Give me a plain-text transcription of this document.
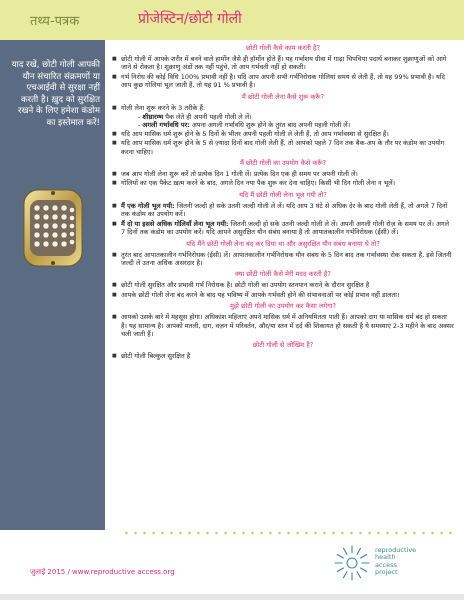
तथ्य-पत्रक	प्रोजेस्टिन/छोटी गोली
याद रखें, छोटी गोली आपकी यौन संचारित संक्रमणों या एचआईवी से सुरक्षा नहीं करती है। ख़ुद को सुरक्षित रखने के लिए हमेशा कंडोम का इस्तेमाल करें!
छोटी गोली कैसे काम करती है?
■ छोटी गोली में आपके शरीर में बनने वाले हार्मोन जैसे ही हॉर्मोन होते हैं। यह गर्भाशय ग्रीवा में गाढ़ा चिपचिपा पदार्थ बनाकर शुक्राणुओं को आगे जाने से रोकता है। शुक्राणु अंडों तक नहीं पहुंचे, तो आप गर्भवती नहीं हो सकती।
■ गर्भ निरोध की कोई विधि 100% प्रभावी नहीं है। यदि आप अपनी सभी गर्भनिरोधक गोलियां समय से लेती हैं, तो यह 99% प्रभावी है। यदि आप कुछ गोलियां भूल जाती हैं, तो यह 91 % प्रभावी है।
मैं छोटी गोली लेना कैसे शुरू करूँ?
■ गोली लेना शुरू करने के 3 तरीके हैं:
- शीघ्रारम्भ पैक लेते ही अपनी पहली गोली ले लें।
- अगली गर्भावधि पर: अपना अगली गर्भावधि शुरू होने के तुरंत बाद अपनी पहली गोली लें।
■ यदि आप मासिक धर्म शुरू होने के 5 दिनों के भीतर अपनी पहली गोली ले लेती हैं, तो आप गर्भावस्था से सुरक्षित हैं।
■ यदि आप मासिक धर्म शुरू होने के 5 से ज़्यादा दिनों बाद गोली लेती हैं, तो आपको पहले 7 दिन तक बैक-अप के तौर पर कंडोम का उपयोग करना चाहिए।
मैं छोटी गोली का उपयोग कैसे करूँ?
■ जब आप गोली लेना शुरू करें तो प्रत्येक दिन 1 गोली लें। प्रत्येक दिन एक ही समय पर अपनी गोली लें।
■ गोलियों का एक पैकेट ख़त्म करने के बाद, अगले दिन नया पैक शुरू कर देना चाहिए। किसी भी दिन गोली लेना न भूलें।
यदि मैं छोटी गोली लेना भूल गयी तो?
■ मैं एक गोली भूल गयी: जितनी जल्दी हो सके उतनी जल्दी गोली ले लें। यदि आप 3 घंटे से अधिक देर के बाद गोली लेती हैं, तो अगले 7 दिनों तक कंडोम का उपयोग करें।
■ मैं दो या इससे अधिक गोलियाँ लेना भूल गयी: जितनी जल्दी हो सके उतनी जल्दी गोली ले लें। अपनी अगली गोली रोज़ के समय पर लें। अगले 7 दिनों तक कंडोम का उपयोग करें। यदि आपने असुरक्षित यौन संबंध बनाया है तो आपातकालीन गर्भनिरोधक (ईसी) लें।
यदि मैंने छोटी गोली लेना बंद कर दिया था और असुरक्षित यौन संबंध बनाया थे तो?
■ तुरंत बाद आपातकालीन गर्भनिरोधक (ईसी) लें। आपातकालीन गर्भनिरोधक यौन संबंध के 5 दिन बाद तक गर्भावस्था रोक सकता है, इसे जितनी जल्दी लें उतना अधिक असरदार है।
क्या छोटी गोली कैसे मेरी मदद करती है?
■ छोटी गोली सुरक्षित और प्रभावी गर्भ निरोधक है। छोटी गोली का उपयोग स्तनपान कराने के दौरान सुरक्षित है
■ आपके छोटी गोली लेना बंद करने के बाद यह भविष्य में आपके गर्भवती होने की संभावनाओं पर कोई प्रभाव नहीं डालता।
मुझे छोटी गोली का उपयोग कर कैसा लगेगा?
■ आपको उसके बारे में महसूस होगा। अधिकांश महिलाएं अपने मासिक धर्म में अनियमितता पाती हैं। आपको दाग या मासिक धर्म बंद हो सकता है। यह सामान्य है। आपको मतली, दाग, वज़न में परिवर्तन, और/या स्तन में दर्द की शिकायत हो सकती है ये समस्याएं 2-3 महीने के बाद अक्सर चली जाती हैं।
छोटी गोली से जोखिम है?
■ छोटी गोली बिल्कुल सुरक्षित है
जुलाई 2015 / www.reproductive access.org
reproductive
health
access
project
